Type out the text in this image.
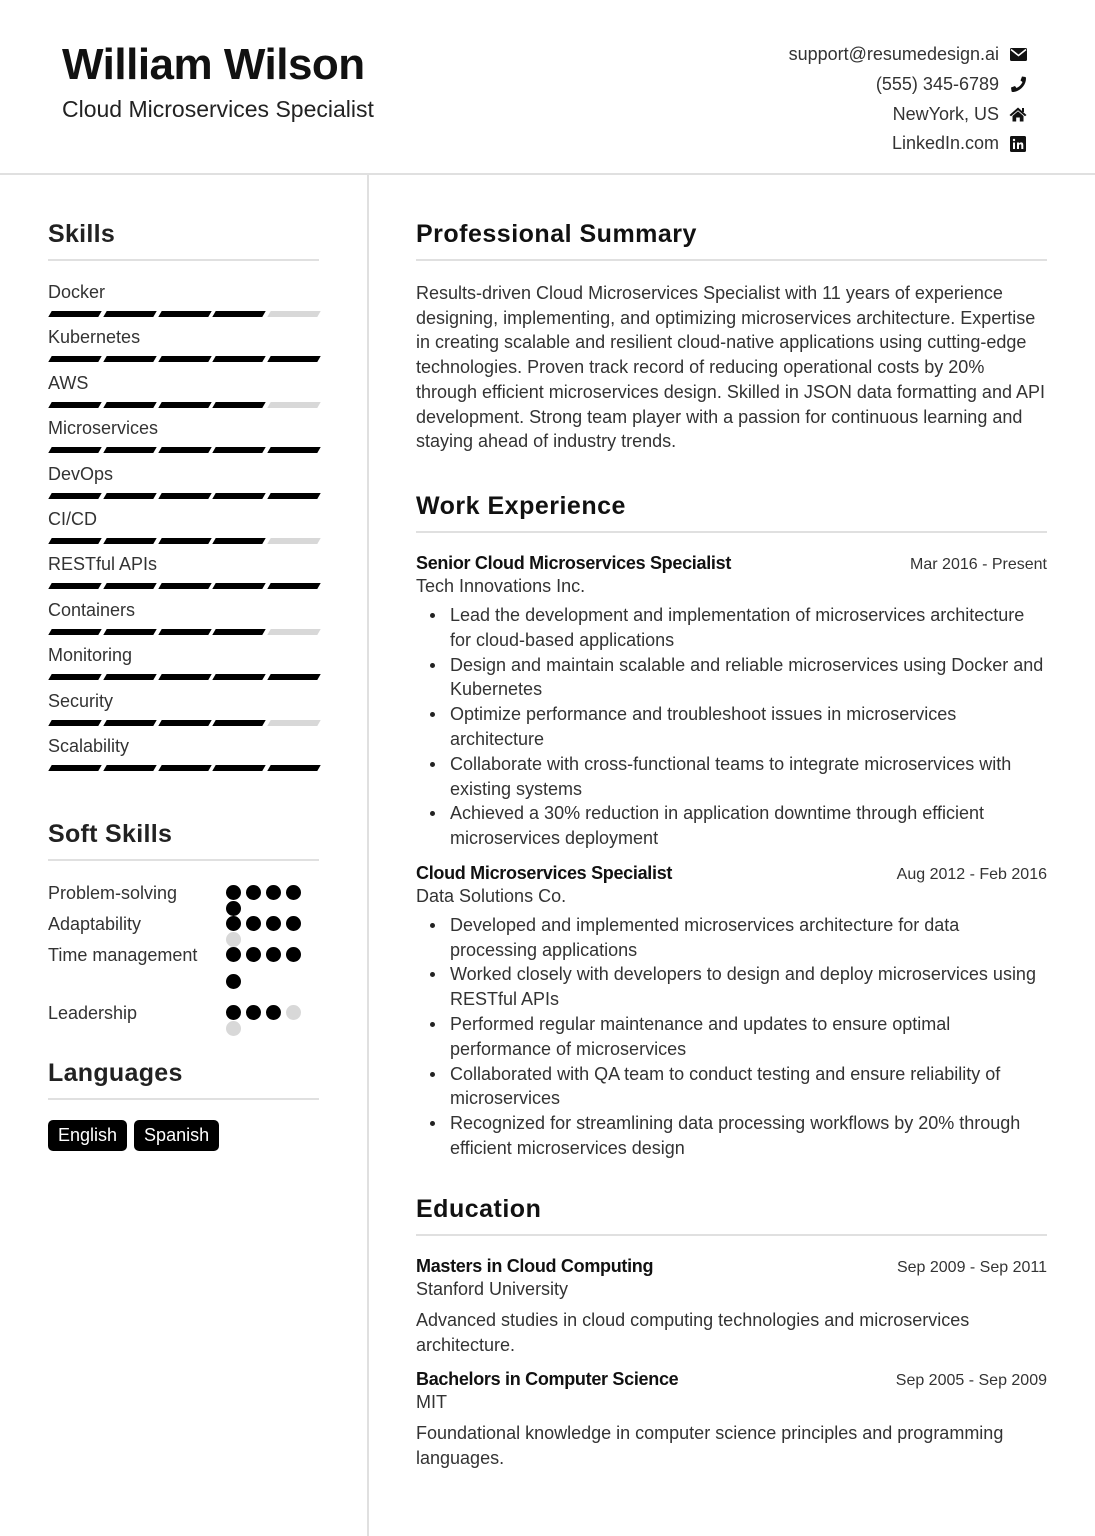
William Wilson
Cloud Microservices Specialist
support@resumedesign.ai
(555) 345-6789
NewYork, US
LinkedIn.com
Skills
Docker
Kubernetes
AWS
Microservices
DevOps
CI/CD
RESTful APIs
Containers
Monitoring
Security
Scalability
Soft Skills
Problem-solving
Adaptability
Time management
Leadership
Languages
English	Spanish
Professional Summary

Results-driven Cloud Microservices Specialist with 11 years of experience designing, implementing, and optimizing microservices architecture. Expertise in creating scalable and resilient cloud-native applications using cutting-edge technologies. Proven track record of reducing operational costs by 20% through efficient microservices design. Skilled in JSON data formatting and API development. Strong team player with a passion for continuous learning and staying ahead of industry trends.

Work Experience
Senior Cloud Microservices Specialist	Mar 2016 - Present
Tech Innovations Inc.
Lead the development and implementation of microservices architecture for cloud-based applications
Design and maintain scalable and reliable microservices using Docker and Kubernetes
Optimize performance and troubleshoot issues in microservices architecture
Collaborate with cross-functional teams to integrate microservices with existing systems
Achieved a 30% reduction in application downtime through efficient microservices deployment
Cloud Microservices Specialist	Aug 2012 - Feb 2016
Data Solutions Co.
Developed and implemented microservices architecture for data processing applications
Worked closely with developers to design and deploy microservices using RESTful APIs
Performed regular maintenance and updates to ensure optimal performance of microservices
Collaborated with QA team to conduct testing and ensure reliability of microservices
Recognized for streamlining data processing workflows by 20% through efficient microservices design
Education
Masters in Cloud Computing	Sep 2009 - Sep 2011
Stanford University
Advanced studies in cloud computing technologies and microservices architecture.
Bachelors in Computer Science	Sep 2005 - Sep 2009
MIT
Foundational knowledge in computer science principles and programming languages.
